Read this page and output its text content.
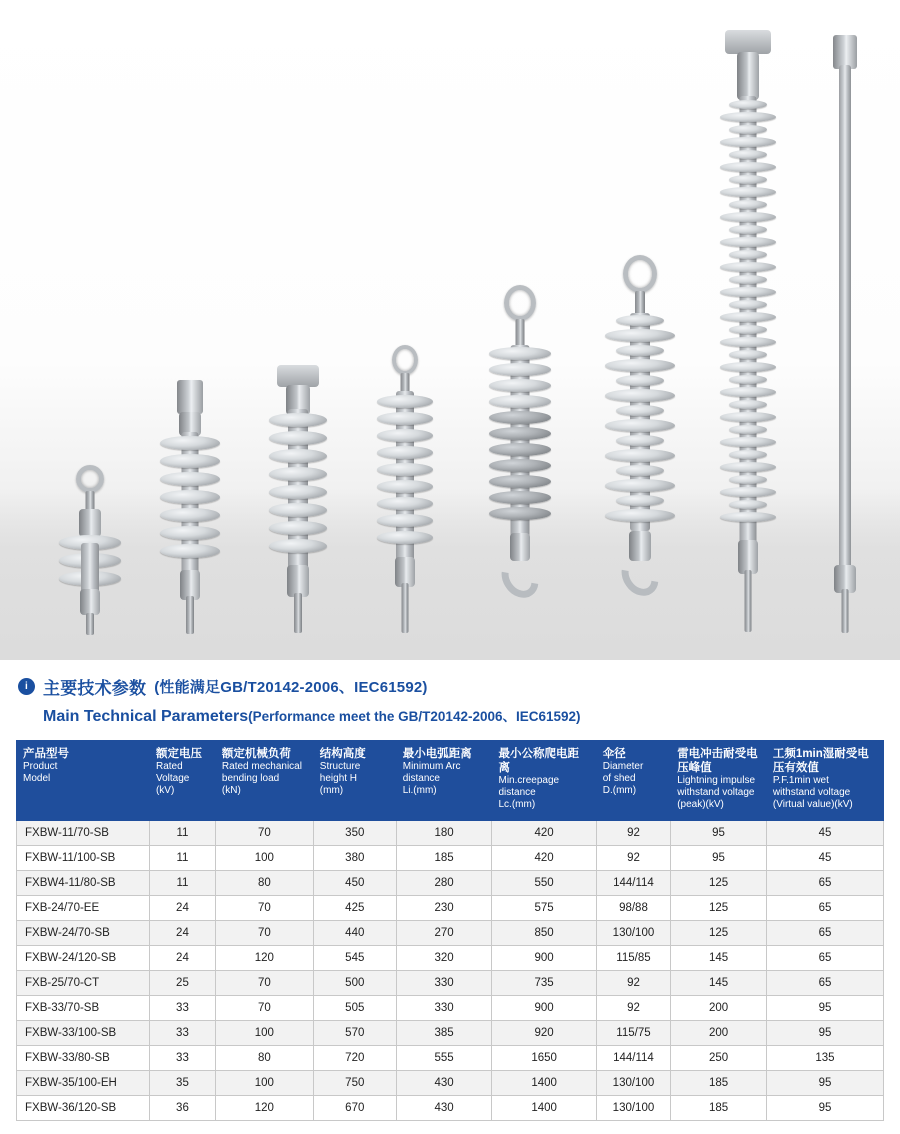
i 主要技术参数 (性能满足GB/T20142-2006、IEC61592)
Main Technical Parameters(Performance meet the GB/T20142-2006、IEC61592)
产品型号
Product
Model	额定电压
Rated
Voltage
(kV)	额定机械负荷
Rated mechanical
bending load
(kN)	结构高度
Structure
height H
(mm)	最小电弧距离
Minimum Arc
distance
Li.(mm)	最小公称爬电距离
Min.creepage
distance
Lc.(mm)	伞径
Diameter
of shed
D.(mm)	雷电冲击耐受电压峰值
Lightning impulse
withstand voltage
(peak)(kV)	工频1min湿耐受电压有效值
P.F.1min wet
withstand voltage
(Virtual value)(kV)

FXBW-11/70-SB	11	70	350	180	420	92	95	45
FXBW-11/100-SB	11	100	380	185	420	92	95	45
FXBW4-11/80-SB	11	80	450	280	550	144/114	125	65
FXB-24/70-EE	24	70	425	230	575	98/88	125	65
FXBW-24/70-SB	24	70	440	270	850	130/100	125	65
FXBW-24/120-SB	24	120	545	320	900	115/85	145	65
FXB-25/70-CT	25	70	500	330	735	92	145	65
FXB-33/70-SB	33	70	505	330	900	92	200	95
FXBW-33/100-SB	33	100	570	385	920	115/75	200	95
FXBW-33/80-SB	33	80	720	555	1650	144/114	250	135
FXBW-35/100-EH	35	100	750	430	1400	130/100	185	95
FXBW-36/120-SB	36	120	670	430	1400	130/100	185	95
